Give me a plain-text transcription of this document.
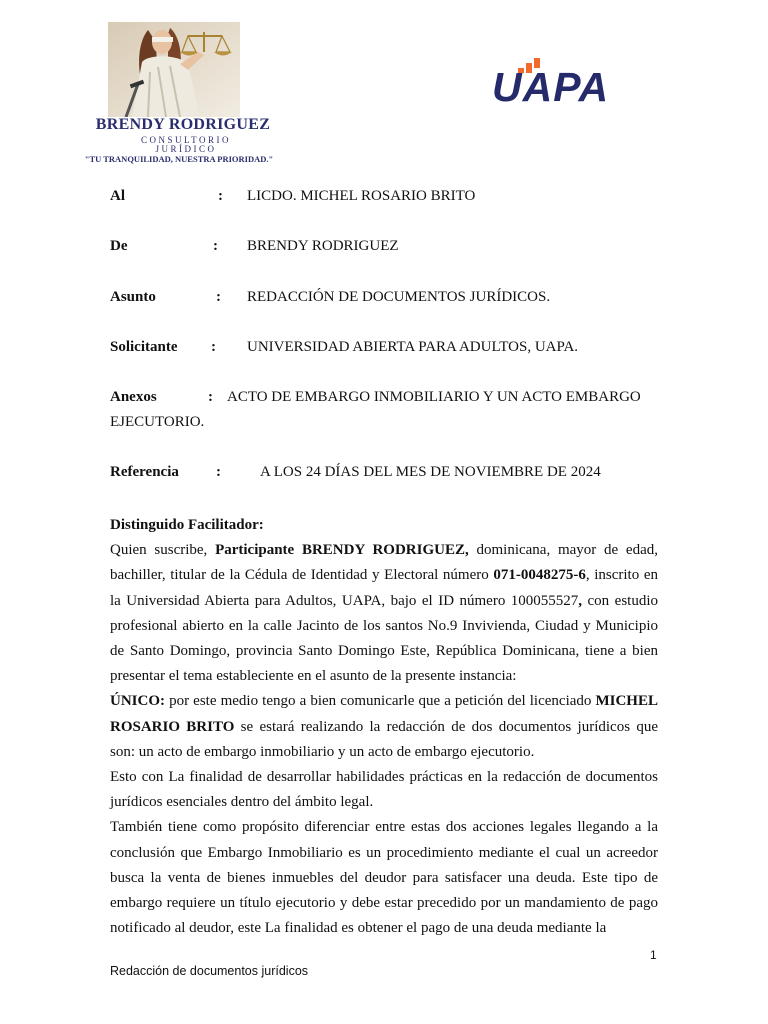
BRENDY RODRIGUEZ
CONSULTORIO JURÍDICO
"TU TRANQUILIDAD, NUESTRA PRIORIDAD."
UAPA
Al	: LICDO. MICHEL ROSARIO BRITO
De	: BRENDY RODRIGUEZ
Asunto	: REDACCIÓN DE DOCUMENTOS JURÍDICOS.
Solicitante : UNIVERSIDAD ABIERTA PARA ADULTOS, UAPA.
Anexos	: ACTO DE EMBARGO INMOBILIARIO Y UN ACTO EMBARGO
EJECUTORIO.
Referencia :	A LOS 24 DÍAS DEL MES DE NOVIEMBRE DE 2024

Distinguido Facilitador:

Quien suscribe, Participante BRENDY RODRIGUEZ, dominicana, mayor de edad, bachiller, titular de la Cédula de Identidad y Electoral número 071-0048275-6, inscrito en la Universidad Abierta para Adultos, UAPA, bajo el ID número 100055527, con estudio profesional abierto en la calle Jacinto de los santos No.9 Invivienda, Ciudad y Municipio de Santo Domingo, provincia Santo Domingo Este, República Dominicana, tiene a bien presentar el tema estableciente en el asunto de la presente instancia:

ÚNICO: por este medio tengo a bien comunicarle que a petición del licenciado MICHEL ROSARIO BRITO se estará realizando la redacción de dos documentos jurídicos que son: un acto de embargo inmobiliario y un acto de embargo ejecutorio.

Esto con La finalidad de desarrollar habilidades prácticas en la redacción de documentos jurídicos esenciales dentro del ámbito legal.

También tiene como propósito diferenciar entre estas dos acciones legales llegando a la conclusión que Embargo Inmobiliario es un procedimiento mediante el cual un acreedor busca la venta de bienes inmuebles del deudor para satisfacer una deuda. Este tipo de embargo requiere un título ejecutorio y debe estar precedido por un mandamiento de pago notificado al deudor, este La finalidad es obtener el pago de una deuda mediante la

1
Redacción de documentos jurídicos
